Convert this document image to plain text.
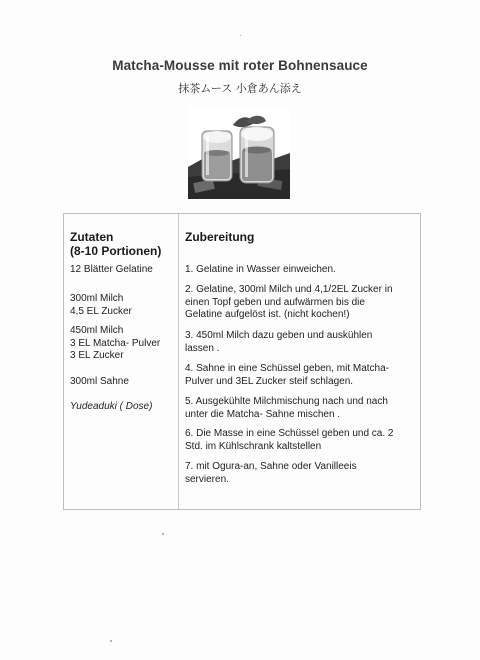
Matcha-Mousse mit roter Bohnensauce
抹茶ムース 小倉あん添え
Zutaten
(8-10 Portionen)
Zubereitung
12 Blätter Gelatine
300ml Milch
4,5 EL Zucker
450ml Milch
3 EL Matcha- Pulver
3 EL Zucker
300ml Sahne
Yudeaduki ( Dose)
1. Gelatine in Wasser einweichen.
2. Gelatine, 300ml Milch und 4,1/2EL Zucker in
einen Topf geben und aufwärmen bis die
Gelatine aufgelöst ist. (nicht kochen!)
3. 450ml Milch dazu geben und auskühlen
lassen .
4. Sahne in eine Schüssel geben, mit Matcha-
Pulver und 3EL Zucker steif schlagen.
5. Ausgekühlte Milchmischung nach und nach
unter die Matcha- Sahne mischen .
6. Die Masse in eine Schüssel geben und ca. 2
Std. im Kühlschrank kaltstellen
7. mit Ogura-an, Sahne oder Vanilleeis
servieren.
